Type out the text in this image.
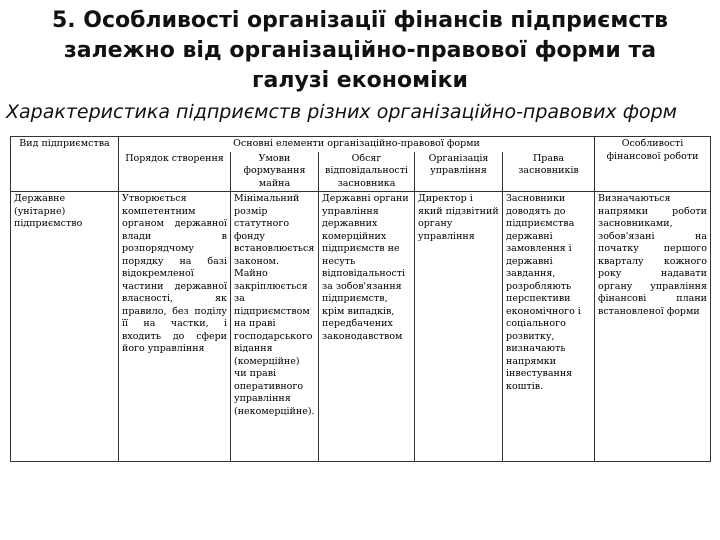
5. Особливості організації фінансів підприємств
залежно від організаційно-правової форми та
галузі економіки
Характеристика підприємств різних організаційно-правових форм
Вид підприємства	Основні елементи організаційно-правової форми					Особливості фінансової роботи
	Порядок створення	Умови формування майна	Обсяг відповідальності засновника	Організація управління	Права засновників	
Державне (унітарне) підприємство	Утворюється компетентним органом державної влади в розпорядчому порядку на базі відокремленої частини державної власності, як правило, без поділу її на частки, і входить до сфери його управління	Мінімальний розмір статутного фонду встановлюється законом. Майно закріплюється за підприємством на праві господарського відання (комерційне) чи праві оперативного управління (некомерційне).	Державні органи управління державних комерційних підприємств не несуть відповідальності за зобов'язання підприємств, крім випадків, передбачених законодавством	Директор і який підзвітний органу управління	Засновники доводять до підприємства державні замовлення і державні завдання, розробляють перспективи економічного і соціального розвитку, визначають напрямки інвестування коштів.	Визначаються напрямки роботи засновниками, зобов'язані на початку першого кварталу кожного року надавати органу управління фінансові плани встановленої форми
